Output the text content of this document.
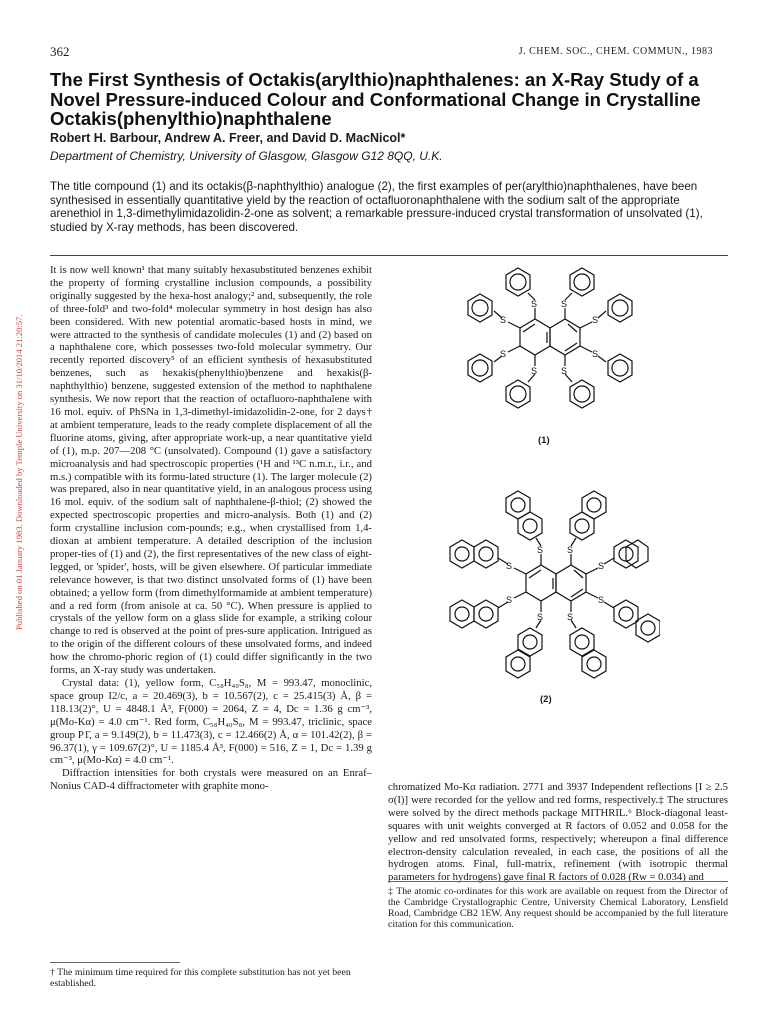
362	J. CHEM. SOC., CHEM. COMMUN., 1983
The First Synthesis of Octakis(arylthio)naphthalenes: an X-Ray Study of a Novel Pressure-induced Colour and Conformational Change in Crystalline Octakis(phenylthio)naphthalene
Robert H. Barbour, Andrew A. Freer, and David D. MacNicol*
Department of Chemistry, University of Glasgow, Glasgow G12 8QQ, U.K.
The title compound (1) and its octakis(β-naphthylthio) analogue (2), the first examples of per(arylthio)naphthalenes, have been synthesised in essentially quantitative yield by the reaction of octafluoronaphthalene with the sodium salt of the appropriate arenethiol in 1,3-dimethylimidazolidin-2-one as solvent; a remarkable pressure-induced crystal transformation of unsolvated (1), studied by X-ray methods, has been discovered.
Published on 01 January 1983. Downloaded by Temple University on 31/10/2014 21:20:57.

It is now well known¹ that many suitably hexasubstituted benzenes exhibit the property of forming crystalline inclusion compounds, a possibility originally suggested by the hexa-host analogy;² and, subsequently, the role of three-fold³ and two-fold⁴ molecular symmetry in host design has also been considered. With new potential aromatic-based hosts in mind, we were attracted to the synthesis of candidate molecules (1) and (2) based on a naphthalene core, which possesses two-fold molecular symmetry. Our recently reported discovery⁵ of an efficient synthesis of hexasubstituted benzenes, such as hexakis(phenylthio)benzene and hexakis(β-naphthylthio) benzene, suggested extension of the method to naphthalene synthesis. We now report that the reaction of octafluoro-naphthalene with 16 mol. equiv. of PhSNa in 1,3-dimethyl-imidazolidin-2-one, for 2 days† at ambient temperature, leads to the ready complete displacement of all the fluorine atoms, giving, after appropriate work-up, a near quantitative yield of (1), m.p. 207—208 °C (unsolvated). Compound (1) gave a satisfactory microanalysis and had spectroscopic properties (¹H and ¹³C n.m.r., i.r., and m.s.) compatible with its formu-lated structure (1). The larger molecule (2) was prepared, also in near quantitative yield, in an analogous process using 16 mol. equiv. of the sodium salt of naphthalene-β-thiol; (2) showed the expected spectroscopic properties and micro-analysis. Both (1) and (2) form crystalline inclusion com-pounds; e.g., when crystallised from 1,4-dioxan at ambient temperature. A detailed description of the inclusion proper-ties of (1) and (2), the first representatives of the new class of eight-legged, or 'spider', hosts, will be given elsewhere. Of particular immediate relevance however, is that two distinct unsolvated forms of (1) have been obtained; a yellow form (from dimethylformamide at ambient temperature) and a red form (from anisole at ca. 50 °C). When pressure is applied to crystals of the yellow form on a glass slide for example, a striking colour change to red is observed at the point of pres-sure application. Intrigued as to the origin of the different colours of these unsolvated forms, and indeed how the chromo-phoric region of (1) could differ significantly in the two forms, an X-ray study was undertaken.

Crystal data: (1), yellow form, C₅₈H₄₀S₈, M = 993.47, monoclinic, space group I2/c, a = 20.469(3), b = 10.567(2), c = 25.415(3) Å, β = 118.13(2)°, U = 4848.1 Å³, F(000) = 2064, Z = 4, Dc = 1.36 g cm⁻³, μ(Mo-Kα) = 4.0 cm⁻¹. Red form, C₅₈H₄₀S₈, M = 993.47, triclinic, space group P1̄, a = 9.149(2), b = 11.473(3), c = 12.466(2) Å, α = 101.42(2), β = 96.37(1), γ = 109.67(2)°, U = 1185.4 Å³, F(000) = 516, Z = 1, Dc = 1.39 g cm⁻³, μ(Mo-Kα) = 4.0 cm⁻¹.

Diffraction intensities for both crystals were measured on an Enraf–Nonius CAD-4 diffractometer with graphite mono-

S	S
S	S
S	S
S	S
(1)
S	S
S	S
S	S
S	S
(2)
chromatized Mo-Kα radiation. 2771 and 3937 Independent reflections [I ≥ 2.5 σ(I)] were recorded for the yellow and red forms, respectively.‡ The structures were solved by the direct methods package MITHRIL.⁶ Block-diagonal least-squares with unit weights converged at R factors of 0.052 and 0.058 for the yellow and red unsolvated forms, respectively; whereupon a final difference electron-density calculation revealed, in each case, the positions of all the hydrogen atoms. Final, full-matrix, refinement (with isotropic thermal parameters for hydrogens) gave final R factors of 0.028 (Rw = 0.034) and
† The minimum time required for this complete substitution has not yet been established.
‡ The atomic co-ordinates for this work are available on request from the Director of the Cambridge Crystallographic Centre, University Chemical Laboratory, Lensfield Road, Cambridge CB2 1EW. Any request should be accompanied by the full literature citation for this communication.
